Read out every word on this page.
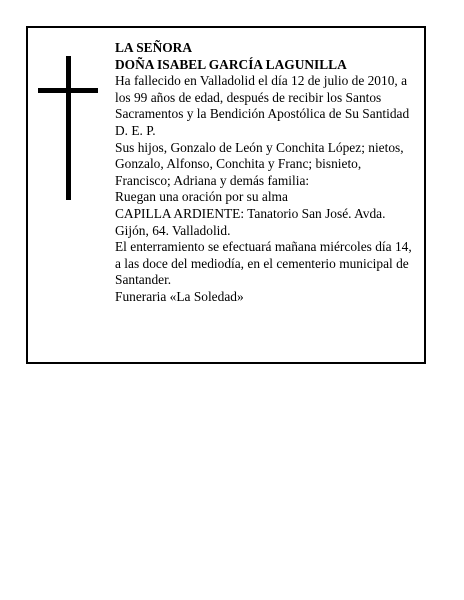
LA SEÑORA
DOÑA ISABEL GARCÍA LAGUNILLA
Ha fallecido en Valladolid el día 12 de julio de 2010, a
los 99 años de edad, después de recibir los Santos
Sacramentos y la Bendición Apostólica de Su Santidad
D. E. P.
Sus hijos, Gonzalo de León y Conchita López; nietos,
Gonzalo, Alfonso, Conchita y Franc; bisnieto,
Francisco; Adriana y demás familia:
Ruegan una oración por su alma
CAPILLA ARDIENTE: Tanatorio San José. Avda.
Gijón, 64. Valladolid.
El enterramiento se efectuará mañana miércoles día 14,
a las doce del mediodía, en el cementerio municipal de
Santander.
Funeraria «La Soledad»
